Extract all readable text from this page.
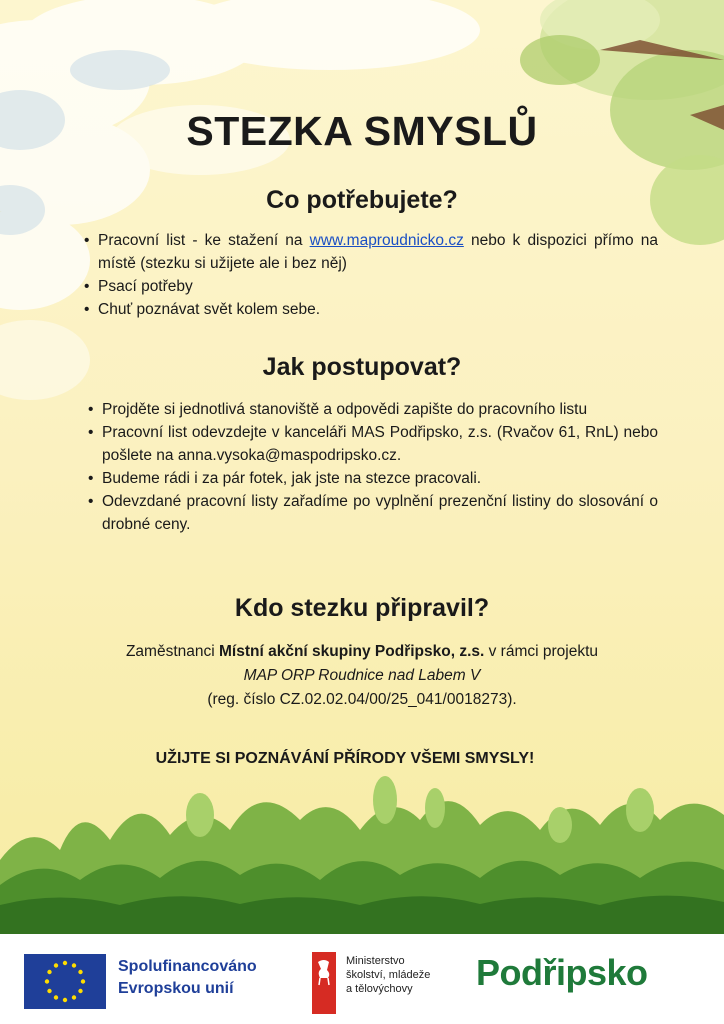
STEZKA SMYSLŮ
Co potřebujete?
• Pracovní list - ke stažení na www.maproudnicko.cz nebo k dispozici přímo na místě (stezku si užijete ale i bez něj)
• Psací potřeby
• Chuť poznávat svět kolem sebe.
Jak postupovat?
• Projděte si jednotlivá stanoviště a odpovědi zapište do pracovního listu
• Pracovní list odevzdejte v kanceláři MAS Podřipsko, z.s. (Rvačov 61, RnL) nebo pošlete na anna.vysoka@maspodripsko.cz.
• Budeme rádi i za pár fotek, jak jste na stezce pracovali.
• Odevzdané pracovní listy zařadíme po vyplnění prezenční listiny do slosování o drobné ceny.
Kdo stezku připravil?
Zaměstnanci Místní akční skupiny Podřipsko, z.s. v rámci projektu
MAP ORP Roudnice nad Labem V
(reg. číslo CZ.02.02.04/00/25_041/0018273).
UŽIJTE SI POZNÁVÁNÍ PŘÍRODY VŠEMI SMYSLY!
Spolufinancováno
Evropskou unií
Ministerstvo
školství, mládeže
a tělovýchovy	Podřipsko
